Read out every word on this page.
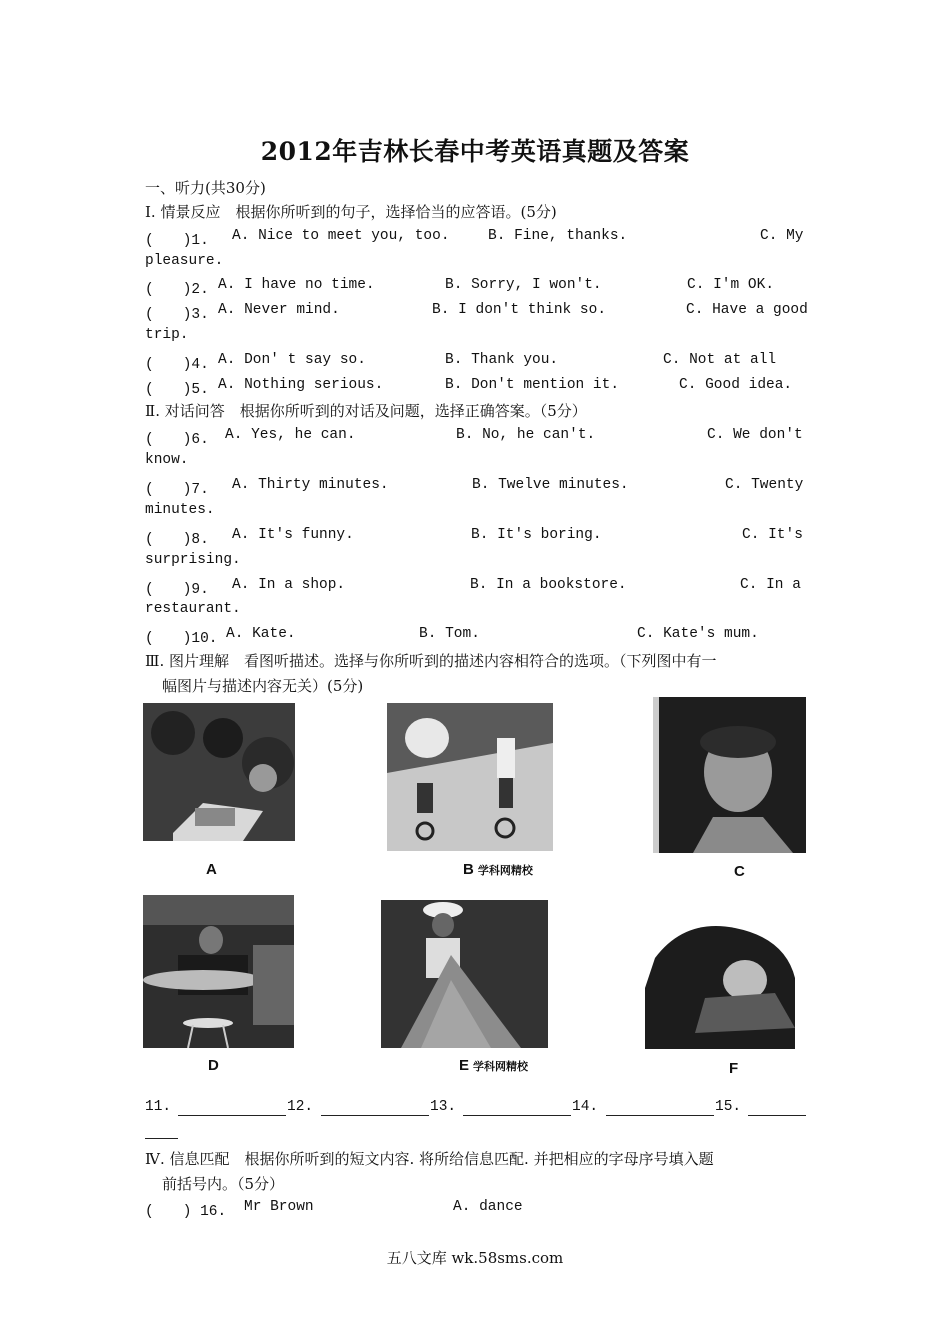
2012年吉林长春中考英语真题及答案
一、听力(共30分)
Ⅰ. 情景反应　根据你所听到的句子，选择恰当的应答语。(5分)
(　　)1. A. Nice to meet you, too.	B. Fine, thanks.	C. My
pleasure.
(　　)2. A. I have no time.	B. Sorry, I won't.	C. I'm OK.
(　　)3. A. Never mind.	B. I don't think so.	C. Have a good
trip.
(　　)4. A. Don' t say so.	B. Thank you.	C. Not at all
(　　)5. A. Nothing serious.	B. Don't mention it.	C. Good idea.
Ⅱ. 对话问答　根据你所听到的对话及问题，选择正确答案。（5分）
(　　)6. A. Yes, he can.	B. No, he can't.	C. We don't
know.
(　　)7. A. Thirty minutes.	B. Twelve minutes.	C. Twenty
minutes.
(　　)8. A. It's funny.	B. It's boring.	C. It's
surprising.
(　　)9. A. In a shop.	B. In a bookstore.	C. In a
restaurant.
(　　)10. A. Kate.	B. Tom.	C. Kate's mum.
Ⅲ. 图片理解　看图听描述。选择与你所听到的描述内容相符合的选项。（下列图中有一
幅图片与描述内容无关）(5分)
A	B 学科网精校	C
D	E 学科网精校	F
11.	12.	13.	14.	15.
Ⅳ. 信息匹配　根据你所听到的短文内容. 将所给信息匹配. 并把相应的字母序号填入题
前括号内。（5分）
(　　) 16. Mr Brown	A. dance
五八文库 wk.58sms.com
